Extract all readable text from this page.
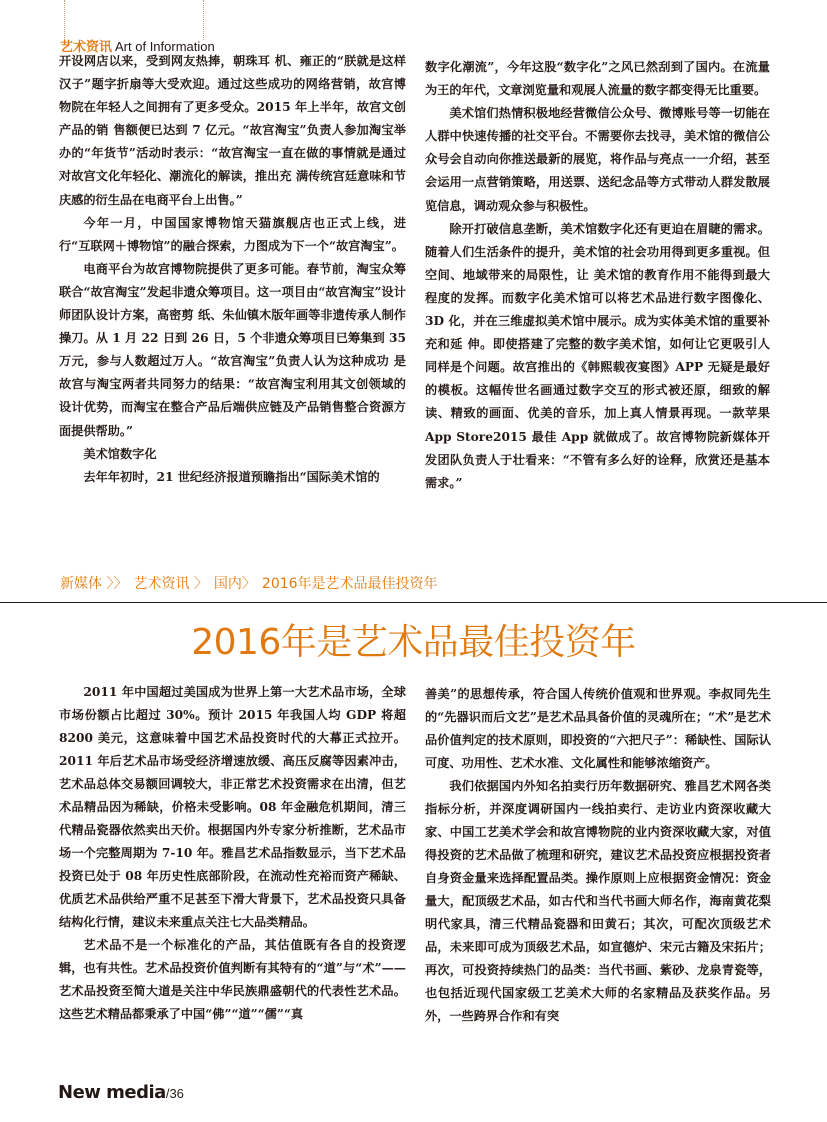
艺术资讯 Art of Information

开设网店以来，受到网友热捧，朝珠耳 机、雍正的“朕就是这样汉子”题字折扇等大受欢迎。通过这些成功的网络营销，故宫博物院在年轻人之间拥有了更多受众。2015 年上半年，故宫文创产品的销 售额便已达到 7 亿元。“故宫淘宝”负责人参加淘宝举办的“年货节”活动时表示：“故宫淘宝一直在做的事情就是通过对故宫文化年轻化、潮流化的解读，推出充 满传统宫廷意味和节庆感的衍生品在电商平台上出售。”

今年一月，中国国家博物馆天猫旗舰店也正式上线，进行“互联网＋博物馆”的融合探索，力图成为下一个“故宫淘宝”。

电商平台为故宫博物院提供了更多可能。春节前，淘宝众筹联合“故宫淘宝”发起非遗众筹项目。这一项目由“故宫淘宝”设计师团队设计方案，高密剪 纸、朱仙镇木版年画等非遗传承人制作操刀。从 1 月 22 日到 26 日，5 个非遗众筹项目已筹集到 35 万元，参与人数超过万人。“故宫淘宝”负责人认为这种成功 是故宫与淘宝两者共同努力的结果：“故宫淘宝利用其文创领域的设计优势，而淘宝在整合产品后端供应链及产品销售整合资源方面提供帮助。”

美术馆数字化

去年年初时，21 世纪经济报道预瞻指出“国际美术馆的

数字化潮流”，今年这股“数字化”之风已然刮到了国内。在流量为王的年代，文章浏览量和观展人流量的数字都变得无比重要。

美术馆们热情积极地经营微信公众号、微博账号等一切能在人群中快速传播的社交平台。不需要你去找寻，美术馆的微信公众号会自动向你推送最新的展览，将作品与亮点一一介绍，甚至会运用一点营销策略，用送票、送纪念品等方式带动人群发散展览信息，调动观众参与积极性。

除开打破信息垄断，美术馆数字化还有更迫在眉睫的需求。随着人们生活条件的提升，美术馆的社会功用得到更多重视。但空间、地域带来的局限性，让 美术馆的教育作用不能得到最大程度的发挥。而数字化美术馆可以将艺术品进行数字图像化、3D 化，并在三维虚拟美术馆中展示。成为实体美术馆的重要补充和延 伸。即使搭建了完整的数字美术馆，如何让它更吸引人同样是个问题。故宫推出的《韩熙载夜宴图》APP 无疑是最好的模板。这幅传世名画通过数字交互的形式被还原，细致的解读、精致的画面、优美的音乐，加上真人情景再现。一款苹果 App Store2015 最佳 App 就做成了。故宫博物院新媒体开发团队负责人于壮看来：“不管有多么好的诠释，欣赏还是基本需求。”

新媒体 〉〉 艺术资讯 〉 国内〉 2016年是艺术品最佳投资年
2016年是艺术品最佳投资年

2011 年中国超过美国成为世界上第一大艺术品市场，全球市场份额占比超过 30%。预计 2015 年我国人均 GDP 将超 8200 美元，这意味着中国艺术品投资时代的大幕正式拉开。2011 年后艺术品市场受经济增速放缓、高压反腐等因素冲击，艺术品总体交易额回调较大，非正常艺术投资需求在出清，但艺术品精品因为稀缺，价格未受影响。08 年金融危机期间，清三代精品瓷器依然卖出天价。根据国内外专家分析推断，艺术品市场一个完整周期为 7-10 年。雅昌艺术品指数显示，当下艺术品投资已处于 08 年历史性底部阶段，在流动性充裕而资产稀缺、优质艺术品供给严重不足甚至下滑大背景下，艺术品投资只具备结构化行情，建议未来重点关注七大品类精品。

艺术品不是一个标准化的产品，其估值既有各自的投资逻辑，也有共性。艺术品投资价值判断有其特有的“道”与“术”——艺术品投资至简大道是关注中华民族鼎盛朝代的代表性艺术品。这些艺术精品都秉承了中国“佛”“道”“儒”“真

善美”的思想传承，符合国人传统价值观和世界观。李叔同先生的“先器识而后文艺”是艺术品具备价值的灵魂所在；“术”是艺术品价值判定的技术原则，即投资的“六把尺子”：稀缺性、国际认可度、功用性、艺术水准、文化属性和能够浓缩资产。

我们依据国内外知名拍卖行历年数据研究、雅昌艺术网各类指标分析，并深度调研国内一线拍卖行、走访业内资深收藏大家、中国工艺美术学会和故宫博物院的业内资深收藏大家，对值得投资的艺术品做了梳理和研究，建议艺术品投资应根据投资者自身资金量来选择配置品类。操作原则上应根据资金情况：资金量大，配顶级艺术品，如古代和当代书画大师名作，海南黄花梨明代家具，清三代精品瓷器和田黄石；其次，可配次顶级艺术品，未来即可成为顶级艺术品，如宣德炉、宋元古籍及宋拓片；再次，可投资持续热门的品类：当代书画、紫砂、龙泉青瓷等，也包括近现代国家级工艺美术大师的名家精品及获奖作品。另外，一些跨界合作和有突

New media/36
